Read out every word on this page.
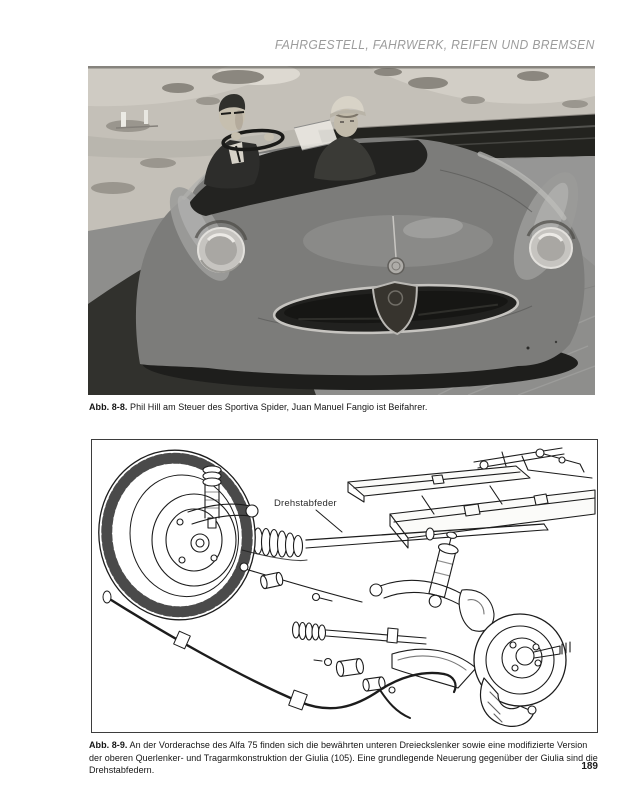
FAHRGESTELL, FAHRWERK, REIFEN UND BREMSEN
Abb. 8-8. Phil Hill am Steuer des Sportiva Spider, Juan Manuel Fangio ist Beifahrer.
Drehstabfeder
Abb. 8-9. An der Vorderachse des Alfa 75 finden sich die bewährten unteren Dreieckslenker sowie eine modifizierte Version der oberen Querlenker- und Tragarmkonstruktion der Giulia (105). Eine grundlegende Neuerung gegenüber der Giulia sind die Drehstabfedern.	189
